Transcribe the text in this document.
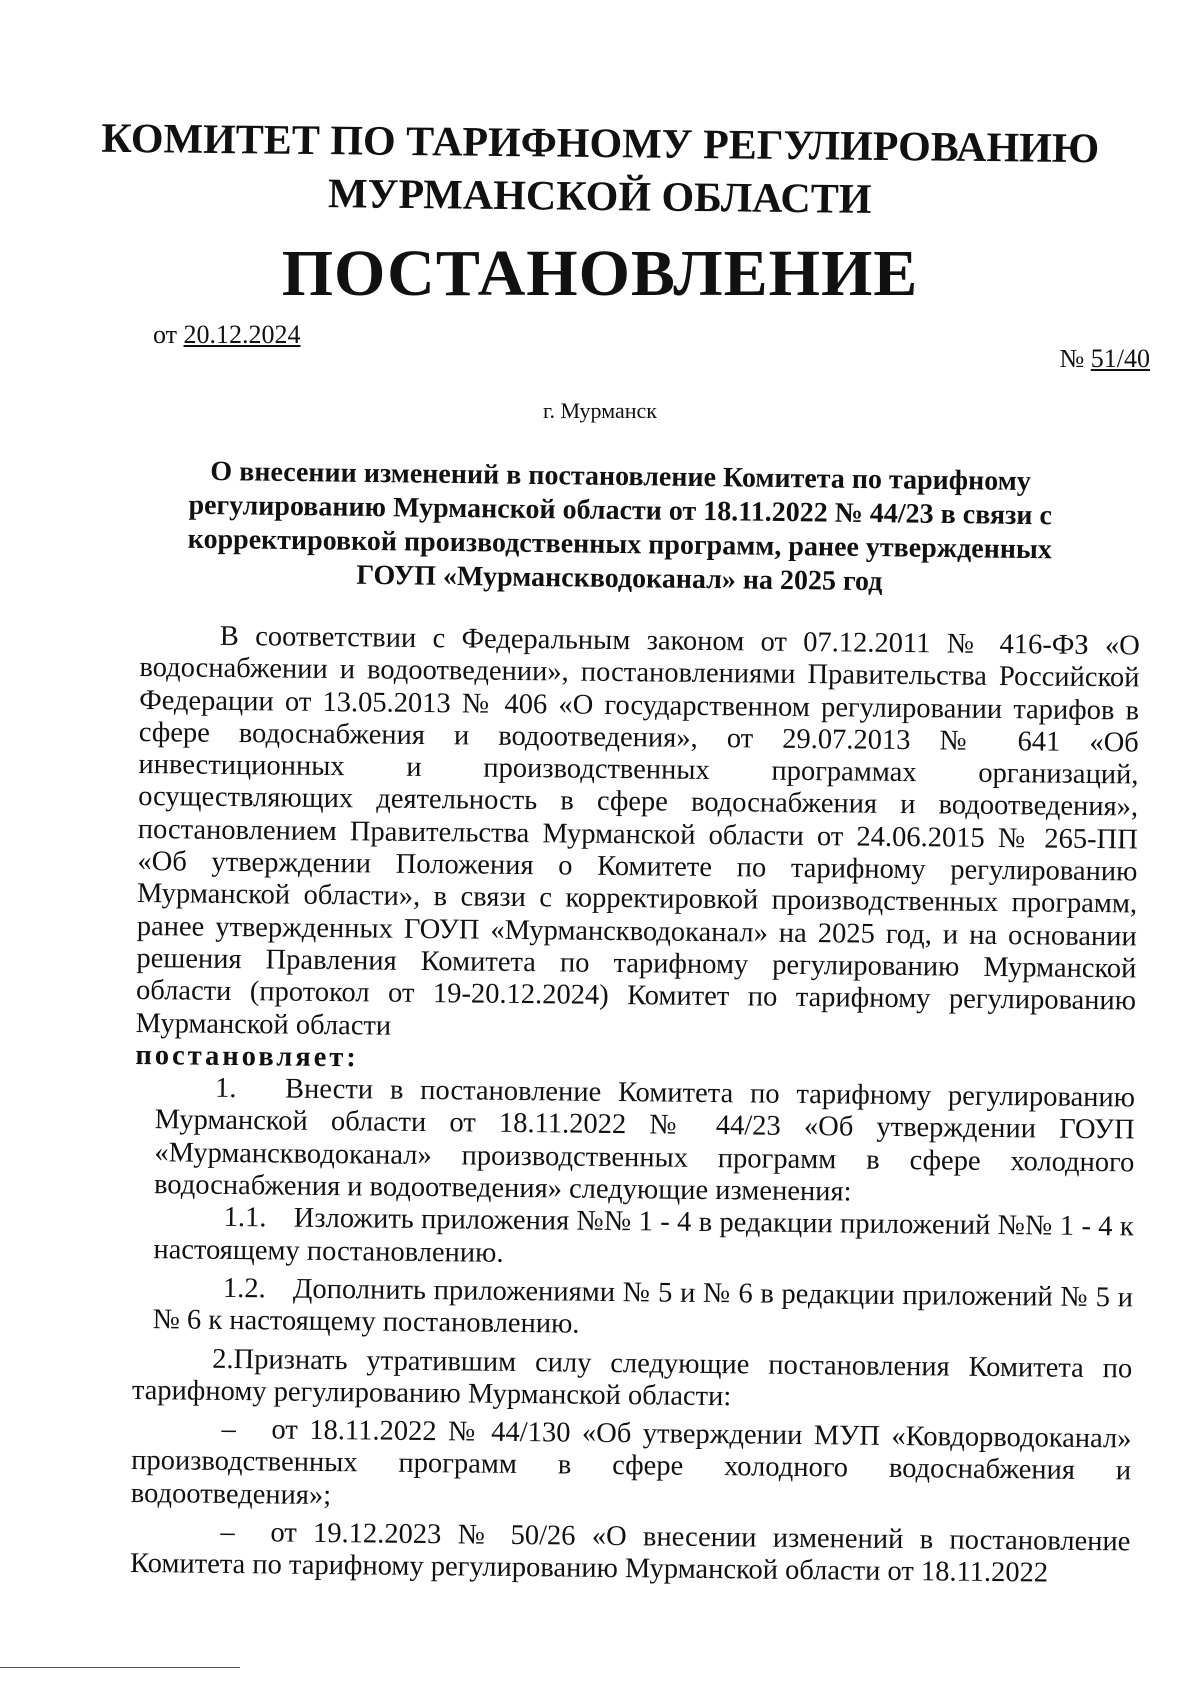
КОМИТЕТ ПО ТАРИФНОМУ РЕГУЛИРОВАНИЮ
МУРМАНСКОЙ ОБЛАСТИ
ПОСТАНОВЛЕНИЕ
от 20.12.2024
№ 51/40
г. Мурманск
О внесении изменений в постановление Комитета по тарифному
регулированию Мурманской области от 18.11.2022 № 44/23 в связи с
корректировкой производственных программ, ранее утвержденных
ГОУП «Мурманскводоканал» на 2025 год

В соответствии с Федеральным законом от 07.12.2011 № 416-ФЗ «О водоснабжении и водоотведении», постановлениями Правительства Российской Федерации от 13.05.2013 № 406 «О государственном регулировании тарифов в сфере водоснабжения и водоотведения», от 29.07.2013 № 641 «Об инвестиционных и производственных программах организаций, осуществляющих деятельность в сфере водоснабжения и водоотведения», постановлением Правительства Мурманской области от 24.06.2015 № 265-ПП «Об утверждении Положения о Комитете по тарифному регулированию Мурманской области», в связи с корректировкой производственных программ, ранее утвержденных ГОУП «Мурманскводоканал» на 2025 год, и на основании решения Правления Комитета по тарифному регулированию Мурманской области (протокол от 19-20.12.2024) Комитет по тарифному регулированию Мурманской области

постановляет:

1. Внести в постановление Комитета по тарифному регулированию Мурманской области от 18.11.2022 № 44/23 «Об утверждении ГОУП «Мурманскводоканал» производственных программ в сфере холодного водоснабжения и водоотведения» следующие изменения:

1.1. Изложить приложения №№ 1 - 4 в редакции приложений №№ 1 - 4 к настоящему постановлению.

1.2. Дополнить приложениями № 5 и № 6 в редакции приложений № 5 и № 6 к настоящему постановлению.

2.Признать утратившим силу следующие постановления Комитета по тарифному регулированию Мурманской области:

– от 18.11.2022 № 44/130 «Об утверждении МУП «Ковдорводоканал» производственных программ в сфере холодного водоснабжения и водоотведения»;

– от 19.12.2023 № 50/26 «О внесении изменений в постановление Комитета по тарифному регулированию Мурманской области от 18.11.2022
